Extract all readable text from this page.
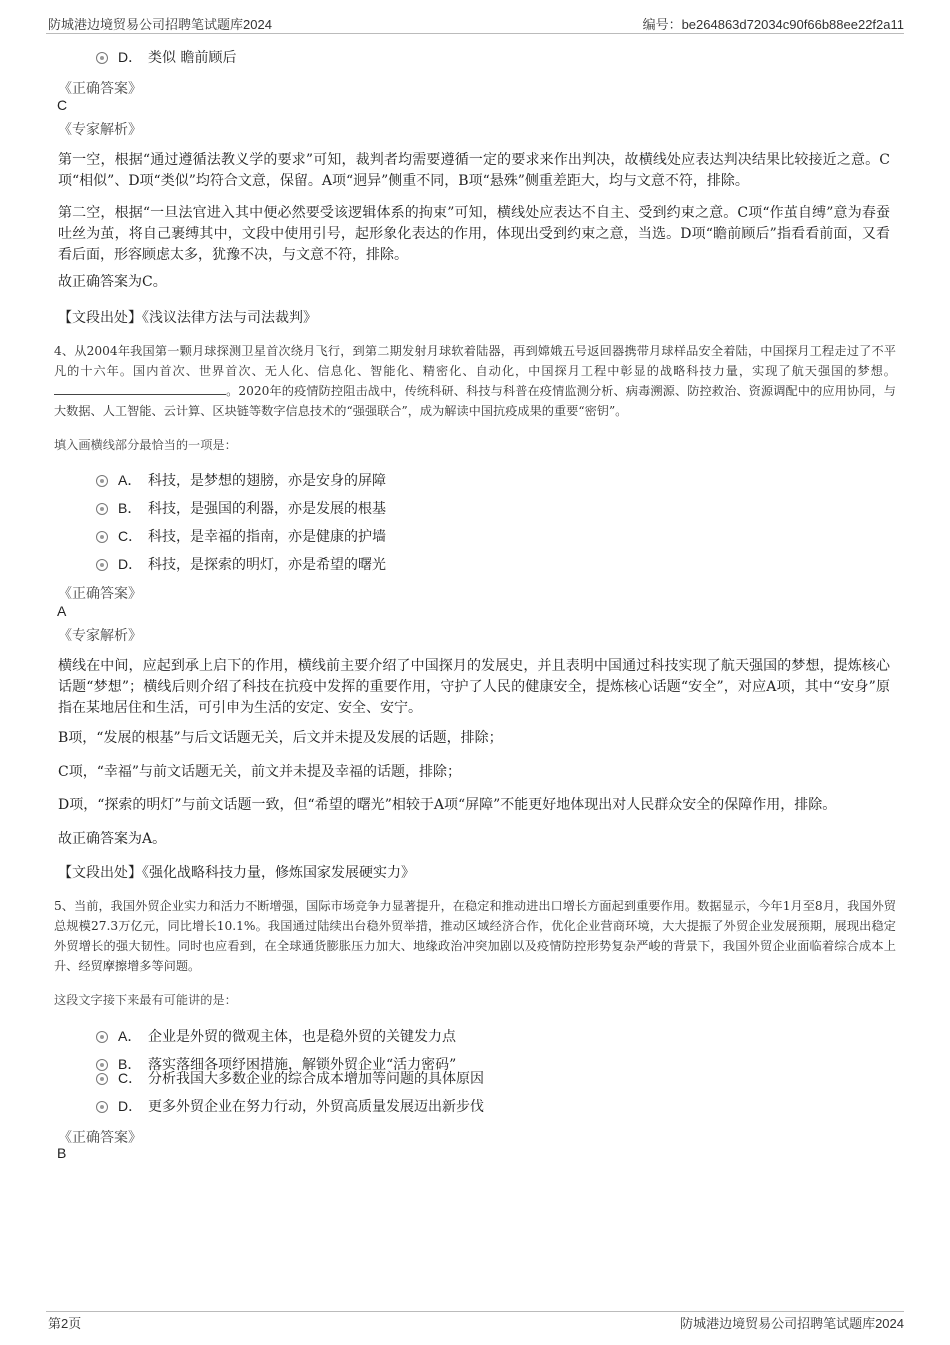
防城港边境贸易公司招聘笔试题库2024	编号：be264863d72034c90f66b88ee22f2a11
D． 类似 瞻前顾后
《正确答案》
C
《专家解析》
第一空，根据“通过遵循法教义学的要求”可知，裁判者均需要遵循一定的要求来作出判决，故横线处应表达判决结果比较接近之意。C项“相似”、D项“类似”均符合文意，保留。A项“迥异”侧重不同，B项“悬殊”侧重差距大，均与文意不符，排除。
第二空，根据“一旦法官进入其中便必然要受该逻辑体系的拘束”可知，横线处应表达不自主、受到约束之意。C项“作茧自缚”意为春蚕吐丝为茧，将自己裹缚其中，文段中使用引号，起形象化表达的作用，体现出受到约束之意，当选。D项“瞻前顾后”指看看前面，又看看后面，形容顾虑太多，犹豫不决，与文意不符，排除。
故正确答案为C。
【文段出处】《浅议法律方法与司法裁判》
4、从2004年我国第一颗月球探测卫星首次绕月飞行，到第二期发射月球软着陆器，再到嫦娥五号返回器携带月球样品安全着陆，中国探月工程走过了不平凡的十六年。国内首次、世界首次、无人化、信息化、智能化、精密化、自动化，中国探月工程中彰显的战略科技力量，实现了航天强国的梦想。。2020年的疫情防控阻击战中，传统科研、科技与科普在疫情监测分析、病毒溯源、防控救治、资源调配中的应用协同，与大数据、人工智能、云计算、区块链等数字信息技术的“强强联合”，成为解读中国抗疫成果的重要“密钥”。
填入画横线部分最恰当的一项是：
A． 科技，是梦想的翅膀，亦是安身的屏障
B． 科技，是强国的利器，亦是发展的根基
C． 科技，是幸福的指南，亦是健康的护墙
D． 科技，是探索的明灯，亦是希望的曙光
《正确答案》
A
《专家解析》
横线在中间，应起到承上启下的作用，横线前主要介绍了中国探月的发展史，并且表明中国通过科技实现了航天强国的梦想，提炼核心话题“梦想”；横线后则介绍了科技在抗疫中发挥的重要作用，守护了人民的健康安全，提炼核心话题“安全”，对应A项，其中“安身”原指在某地居住和生活，可引申为生活的安定、安全、安宁。
B项，“发展的根基”与后文话题无关，后文并未提及发展的话题，排除；
C项，“幸福”与前文话题无关，前文并未提及幸福的话题，排除；
D项，“探索的明灯”与前文话题一致，但“希望的曙光”相较于A项“屏障”不能更好地体现出对人民群众安全的保障作用，排除。
故正确答案为A。
【文段出处】《强化战略科技力量，修炼国家发展硬实力》
5、当前，我国外贸企业实力和活力不断增强，国际市场竞争力显著提升，在稳定和推动进出口增长方面起到重要作用。数据显示，今年1月至8月，我国外贸总规模27.3万亿元，同比增长10.1%。我国通过陆续出台稳外贸举措，推动区域经济合作，优化企业营商环境，大大提振了外贸企业发展预期，展现出稳定外贸增长的强大韧性。同时也应看到，在全球通货膨胀压力加大、地缘政治冲突加剧以及疫情防控形势复杂严峻的背景下，我国外贸企业面临着综合成本上升、经贸摩擦增多等问题。
这段文字接下来最有可能讲的是：
A． 企业是外贸的微观主体，也是稳外贸的关键发力点
B． 落实落细各项纾困措施，解锁外贸企业“活力密码”
C． 分析我国大多数企业的综合成本增加等问题的具体原因
D． 更多外贸企业在努力行动，外贸高质量发展迈出新步伐
《正确答案》
B
第2页	防城港边境贸易公司招聘笔试题库2024
